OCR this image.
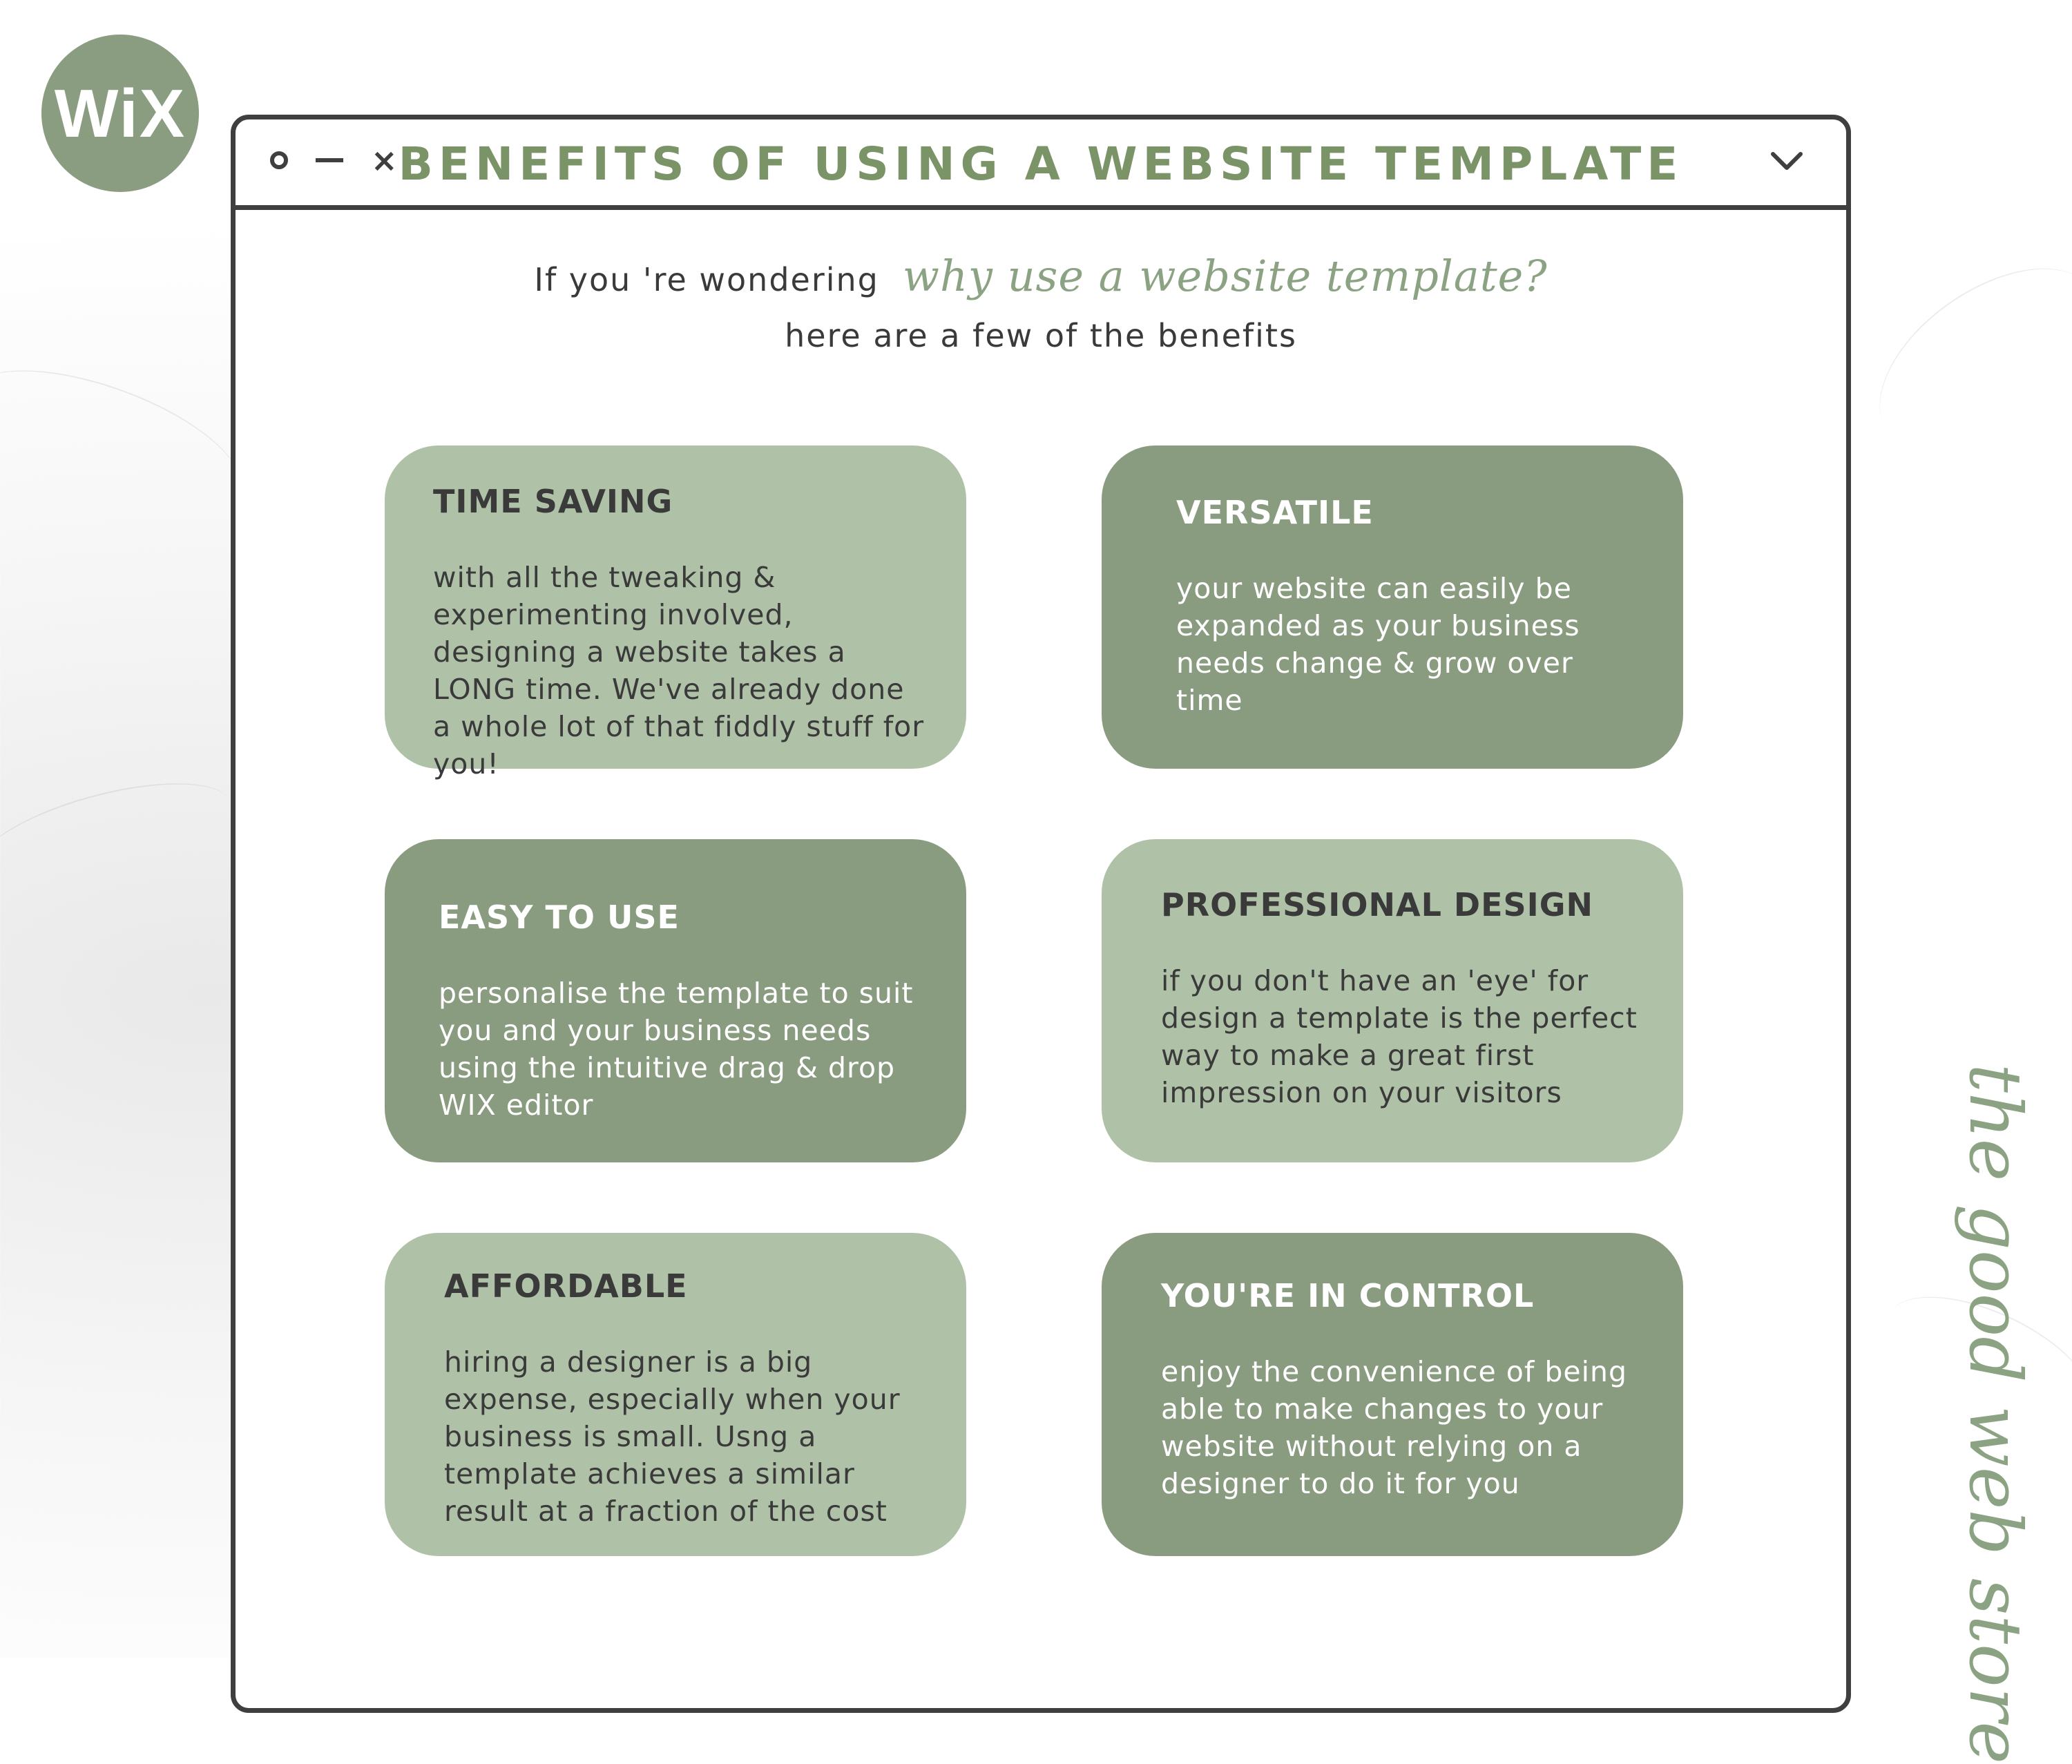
WiX
× BENEFITS OF USING A WEBSITE TEMPLATE
If you 're wondering why use a website template?
here are a few of the benefits
TIME SAVING
with all the tweaking & experimenting involved, designing a website takes a LONG time. We've already done a whole lot of that fiddly stuff for you!
VERSATILE
your website can easily be expanded as your business needs change & grow over time
EASY TO USE
personalise the template to suit you and your business needs using the intuitive drag & drop WIX editor
PROFESSIONAL DESIGN
if you don't have an 'eye' for design a template is the perfect way to make a great first impression on your visitors
AFFORDABLE
hiring a designer is a big expense, especially when your business is small. Usng a template achieves a similar result at a fraction of the cost
YOU'RE IN CONTROL
enjoy the convenience of being able to make changes to your website without relying on a designer to do it for you	the good web store
